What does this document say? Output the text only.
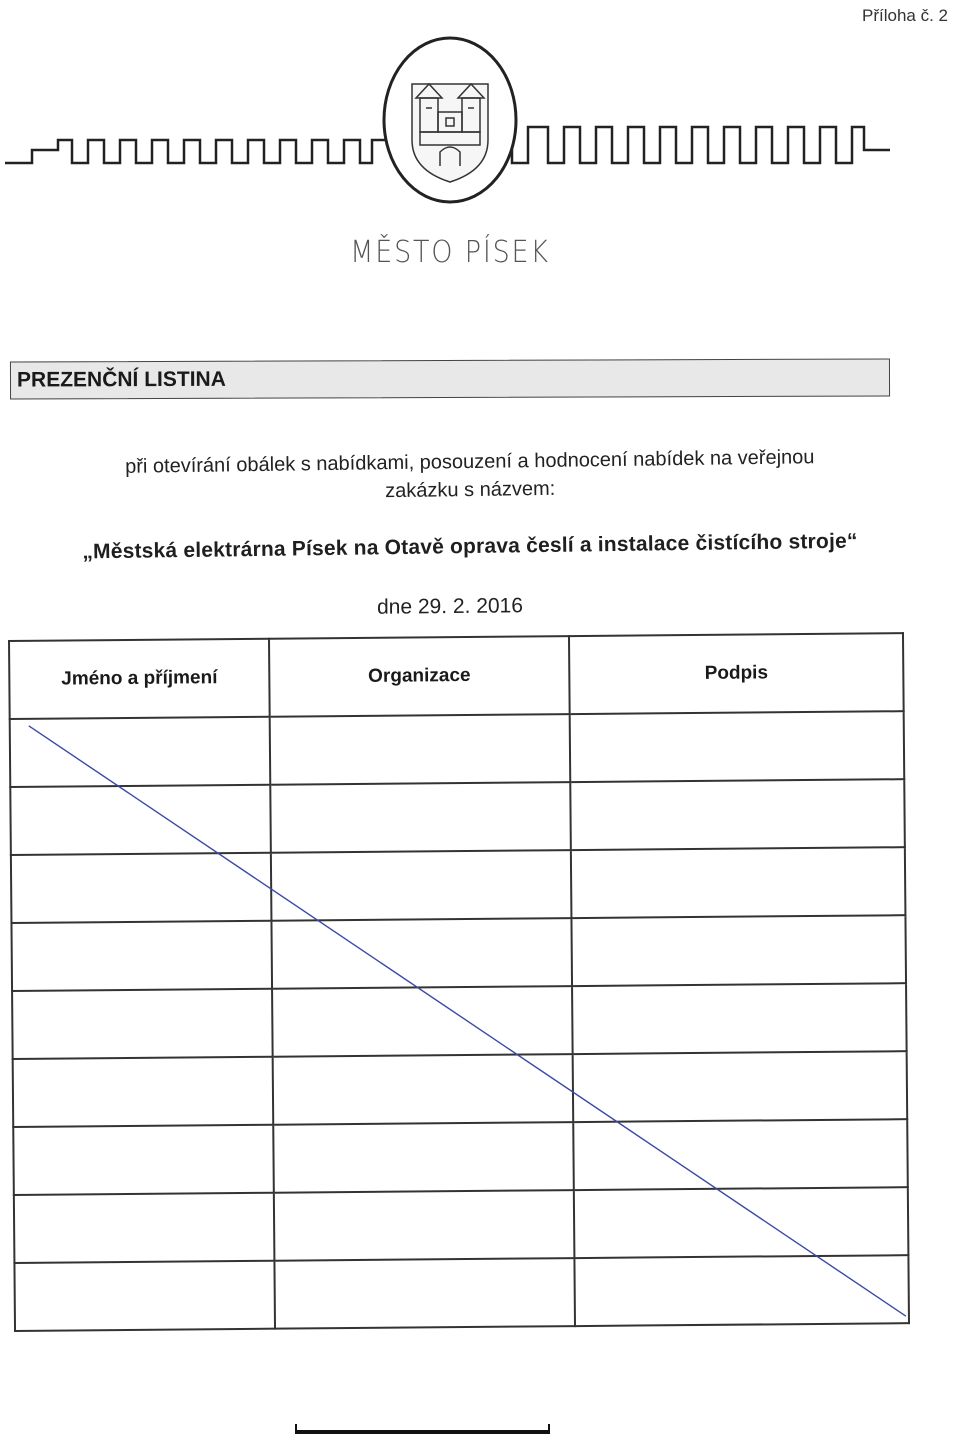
Příloha č. 2
MĚSTO PÍSEK
PREZENČNÍ LISTINA
při otevírání obálek s nabídkami, posouzení a hodnocení nabídek na veřejnou
zakázku s názvem:
„Městská elektrárna Písek na Otavě oprava česlí a instalace čistícího stroje“
dne 29. 2. 2016
Jméno a příjmení	Organizace	Podpis
